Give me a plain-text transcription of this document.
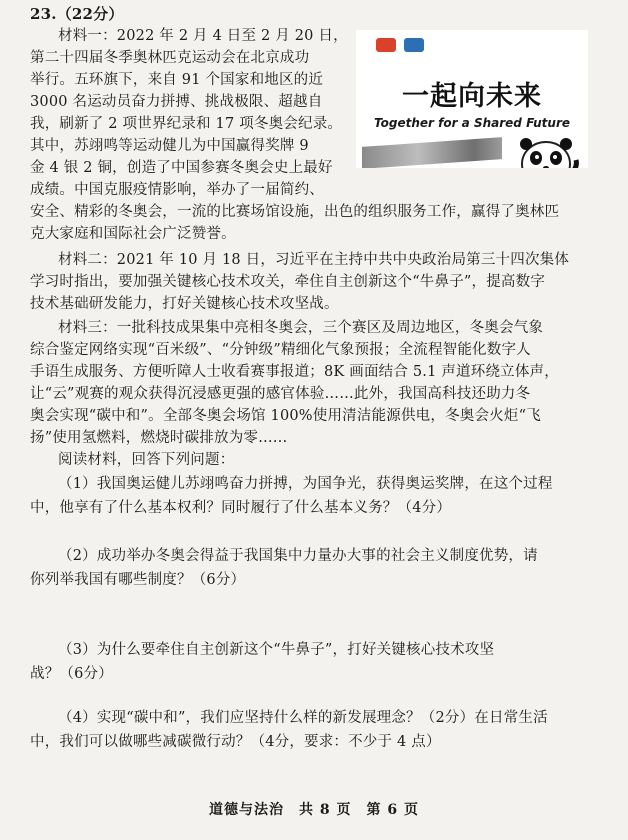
23.（22分）
材料一：2022 年 2 月 4 日至 2 月 20 日，
第二十四届冬季奥林匹克运动会在北京成功
举行。五环旗下，来自 91 个国家和地区的近
3000 名运动员奋力拼搏、挑战极限、超越自
我，刷新了 2 项世界纪录和 17 项冬奥会纪录。
其中，苏翊鸣等运动健儿为中国赢得奖牌 9
金 4 银 2 铜，创造了中国参赛冬奥会史上最好
成绩。中国克服疫情影响，举办了一届简约、
安全、精彩的冬奥会，一流的比赛场馆设施，出色的组织服务工作，赢得了奥林匹
克大家庭和国际社会广泛赞誉。
一起向未来
Together for a Shared Future
材料二：2021 年 10 月 18 日，习近平在主持中共中央政治局第三十四次集体
学习时指出，要加强关键核心技术攻关，牵住自主创新这个“牛鼻子”，提高数字
技术基础研发能力，打好关键核心技术攻坚战。
材料三：一批科技成果集中亮相冬奥会，三个赛区及周边地区，冬奥会气象
综合鉴定网络实现“百米级”、“分钟级”精细化气象预报；全流程智能化数字人
手语生成服务、方便听障人士收看赛事报道；8K 画面结合 5.1 声道环绕立体声，
让“云”观赛的观众获得沉浸感更强的感官体验……此外，我国高科技还助力冬
奥会实现“碳中和”。全部冬奥会场馆 100%使用清洁能源供电，冬奥会火炬“飞
扬”使用氢燃料，燃烧时碳排放为零……
阅读材料，回答下列问题：
（1）我国奥运健儿苏翊鸣奋力拼搏，为国争光，获得奥运奖牌，在这个过程
中，他享有了什么基本权利？同时履行了什么基本义务？（4分）
（2）成功举办冬奥会得益于我国集中力量办大事的社会主义制度优势，请
你列举我国有哪些制度？（6分）
（3）为什么要牵住自主创新这个“牛鼻子”，打好关键核心技术攻坚
战？（6分）
（4）实现“碳中和”，我们应坚持什么样的新发展理念？（2分）在日常生活
中，我们可以做哪些减碳微行动？（4分，要求：不少于 4 点）
道德与法治　共 8 页　第 6 页
